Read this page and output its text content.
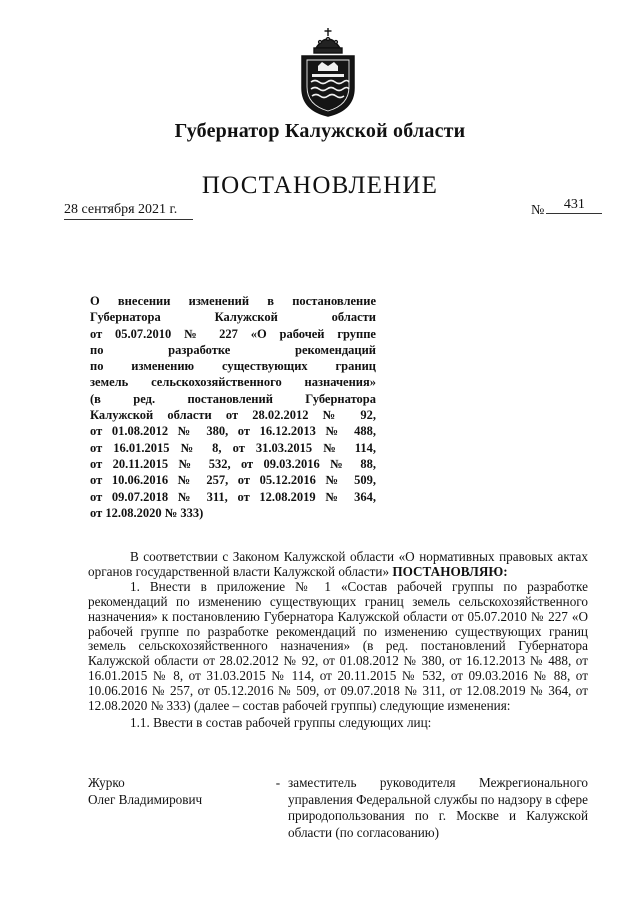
Губернатор Калужской области
ПОСТАНОВЛЕНИЕ
28 сентября 2021 г.	№	431
О внесении изменений в постановление
Губернатора Калужской области
от 05.07.2010 № 227 «О рабочей группе
по разработке рекомендаций
по изменению существующих границ
земель сельскохозяйственного назначения»
(в ред. постановлений Губернатора
Калужской области от 28.02.2012 № 92,
от 01.08.2012 № 380, от 16.12.2013 № 488,
от 16.01.2015 № 8, от 31.03.2015 № 114,
от 20.11.2015 № 532, от 09.03.2016 № 88,
от 10.06.2016 № 257, от 05.12.2016 № 509,
от 09.07.2018 № 311, от 12.08.2019 № 364,
от 12.08.2020 № 333)

В соответствии с Законом Калужской области «О нормативных правовых актах органов государственной власти Калужской области» ПОСТАНОВЛЯЮ:

1. Внести в приложение № 1 «Состав рабочей группы по разработке рекомендаций по изменению существующих границ земель сельскохозяйственного назначения» к постановлению Губернатора Калужской области от 05.07.2010 № 227 «О рабочей группе по разработке рекомендаций по изменению существующих границ земель сельскохозяйственного назначения» (в ред. постановлений Губернатора Калужской области от 28.02.2012 № 92, от 01.08.2012 № 380, от 16.12.2013 № 488, от 16.01.2015 № 8, от 31.03.2015 № 114, от 20.11.2015 № 532, от 09.03.2016 № 88, от 10.06.2016 № 257, от 05.12.2016 № 509, от 09.07.2018 № 311, от 12.08.2019 № 364, от 12.08.2020 № 333) (далее – состав рабочей группы) следующие изменения:

1.1. Ввести в состав рабочей группы следующих лиц:

Журко
Олег Владимирович
- заместитель руководителя Межрегионального управления Федеральной службы по надзору в сфере природопользования по г. Москве и Калужской области (по согласованию)
